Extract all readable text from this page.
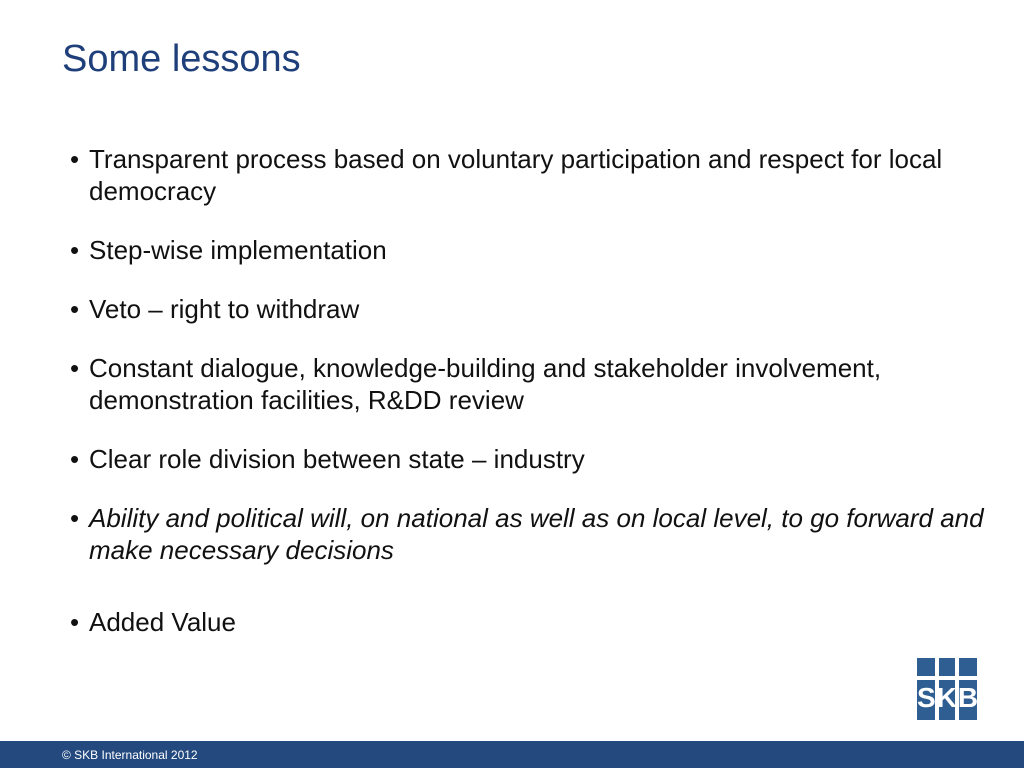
Some lessons
• Transparent process based on voluntary participation and respect for local democracy
• Step-wise implementation
• Veto – right to withdraw
• Constant dialogue, knowledge-building and stakeholder involvement, demonstration facilities, R&DD review
• Clear role division between state – industry
• Ability and political will, on national as well as on local level, to go forward and make necessary decisions
• Added Value
SKB
© SKB International 2012
